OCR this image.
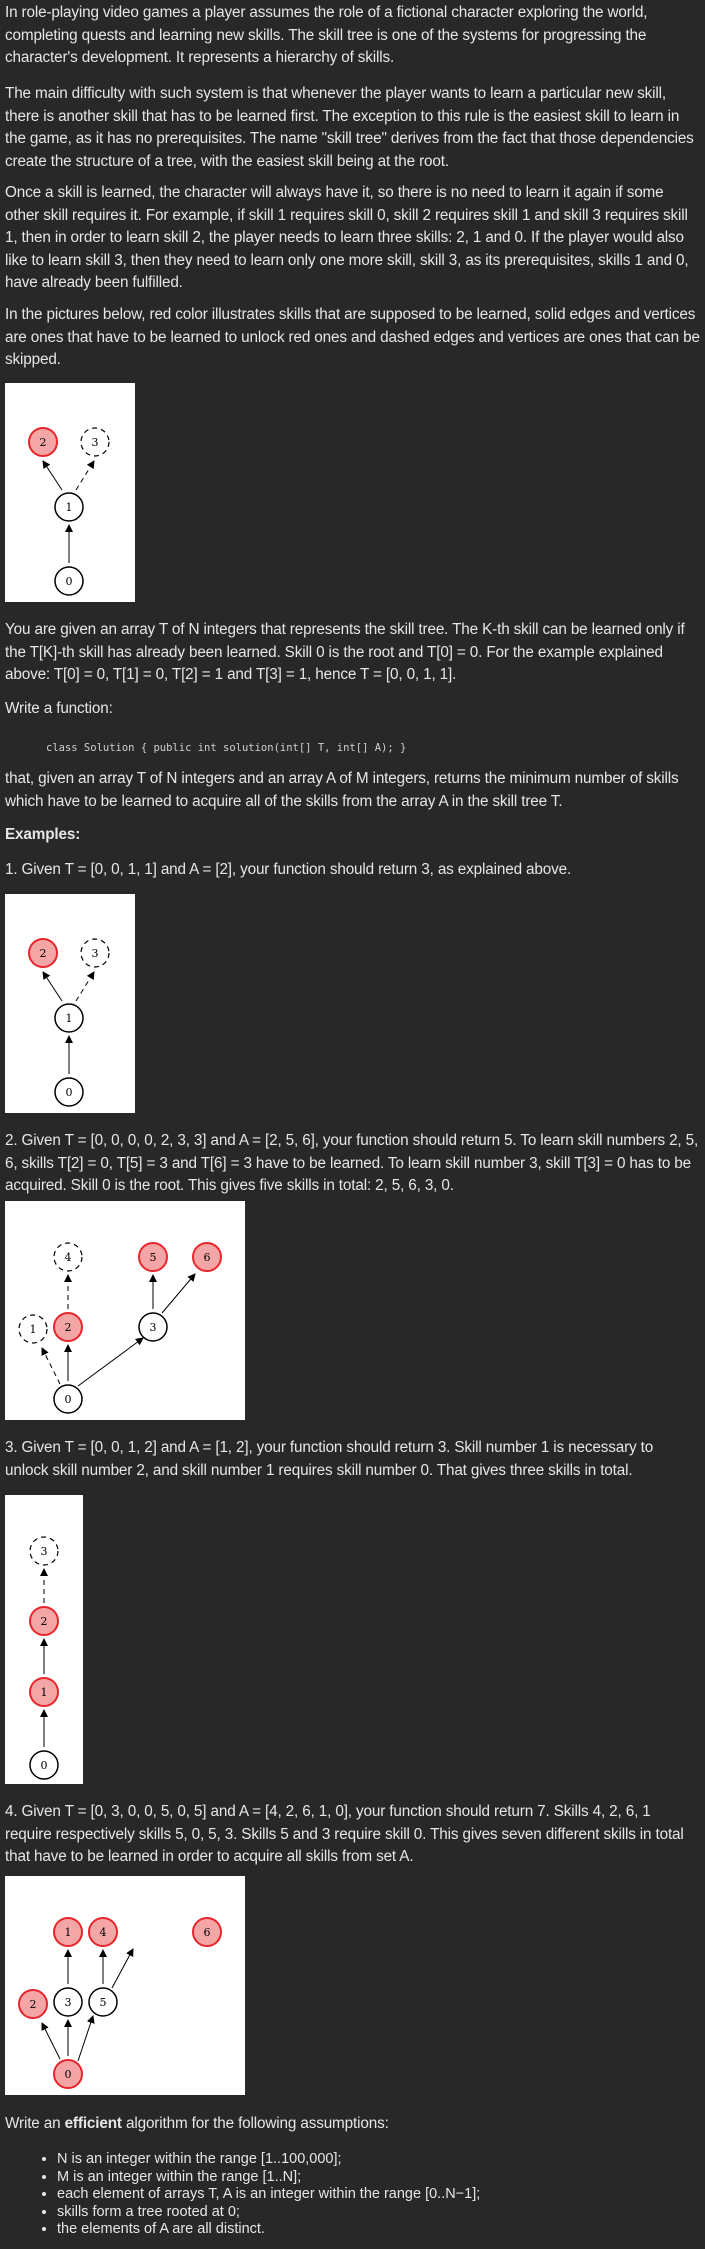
In role-playing video games a player assumes the role of a fictional character exploring the world, completing quests and learning new skills. The skill tree is one of the systems for progressing the character's development. It represents a hierarchy of skills.

The main difficulty with such system is that whenever the player wants to learn a particular new skill, there is another skill that has to be learned first. The exception to this rule is the easiest skill to learn in the game, as it has no prerequisites. The name "skill tree" derives from the fact that those dependencies create the structure of a tree, with the easiest skill being at the root.

Once a skill is learned, the character will always have it, so there is no need to learn it again if some other skill requires it. For example, if skill 1 requires skill 0, skill 2 requires skill 1 and skill 3 requires skill 1, then in order to learn skill 2, the player needs to learn three skills: 2, 1 and 0. If the player would also like to learn skill 3, then they need to learn only one more skill, skill 3, as its prerequisites, skills 1 and 0, have already been fulfilled.

In the pictures below, red color illustrates skills that are supposed to be learned, solid edges and vertices are ones that have to be learned to unlock red ones and dashed edges and vertices are ones that can be skipped.

0
1
2	3

You are given an array T of N integers that represents the skill tree. The K-th skill can be learned only if the T[K]-th skill has already been learned. Skill 0 is the root and T[0] = 0. For the example explained above: T[0] = 0, T[1] = 0, T[2] = 1 and T[3] = 1, hence T = [0, 0, 1, 1].

Write a function:

class Solution { public int solution(int[] T, int[] A); }

that, given an array T of N integers and an array A of M integers, returns the minimum number of skills which have to be learned to acquire all of the skills from the array A in the skill tree T.

Examples:

1. Given T = [0, 0, 1, 1] and A = [2], your function should return 3, as explained above.

0
1
2	3

2. Given T = [0, 0, 0, 0, 2, 3, 3] and A = [2, 5, 6], your function should return 5. To learn skill numbers 2, 5, 6, skills T[2] = 0, T[5] = 3 and T[6] = 3 have to be learned. To learn skill number 3, skill T[3] = 0 has to be acquired. Skill 0 is the root. This gives five skills in total: 2, 5, 6, 3, 0.

0
1	2	3
4	5	6

3. Given T = [0, 0, 1, 2] and A = [1, 2], your function should return 3. Skill number 1 is necessary to unlock skill number 2, and skill number 1 requires skill number 0. That gives three skills in total.

0
1
2
3

4. Given T = [0, 3, 0, 0, 5, 0, 5] and A = [4, 2, 6, 1, 0], your function should return 7. Skills 4, 2, 6, 1 require respectively skills 5, 0, 5, 3. Skills 5 and 3 require skill 0. This gives seven different skills in total that have to be learned in order to acquire all skills from set A.

0
2	3	5
1	4	6

Write an efficient algorithm for the following assumptions:

• N is an integer within the range [1..100,000];
• M is an integer within the range [1..N];
• each element of arrays T, A is an integer within the range [0..N−1];
• skills form a tree rooted at 0;
• the elements of A are all distinct.
